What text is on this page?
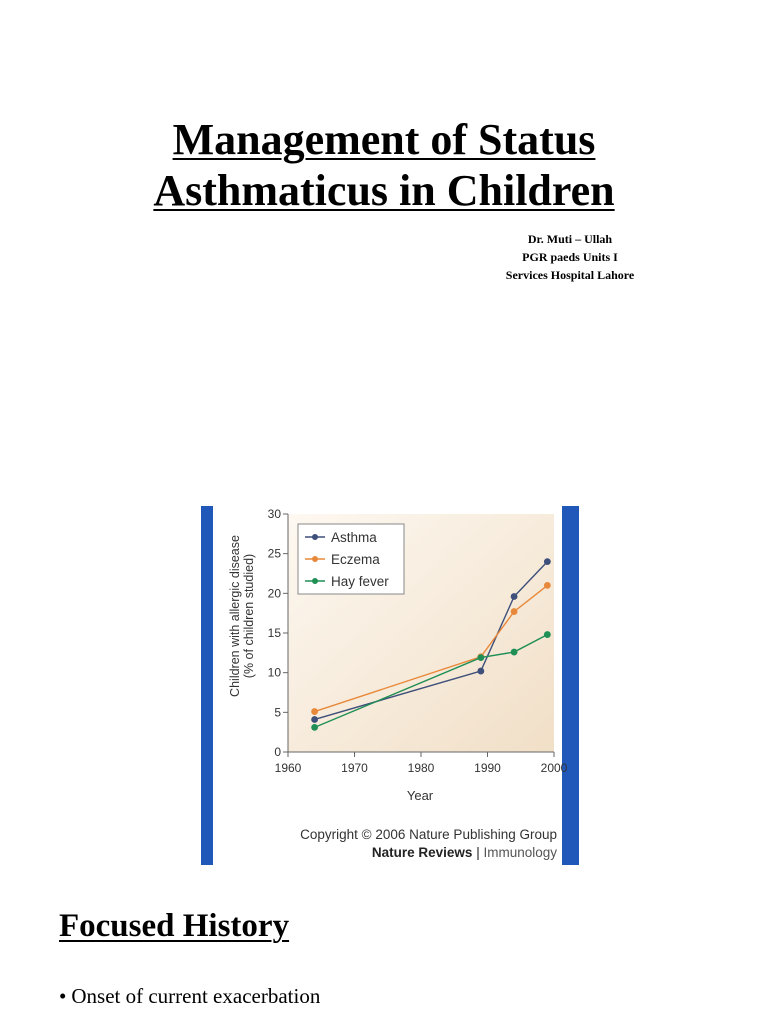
Management of Status
Asthmaticus in Children
Dr. Muti – Ullah
PGR paeds Units I
Services Hospital Lahore
0
5
10
15
20
25
30
1960	1970	1980	1990	2000
Asthma
Eczema
Hay fever
Year
Children with allergic disease (% of children studied)
Copyright © 2006 Nature Publishing Group
Nature Reviews | Immunology
Focused History
• Onset of current exacerbation
